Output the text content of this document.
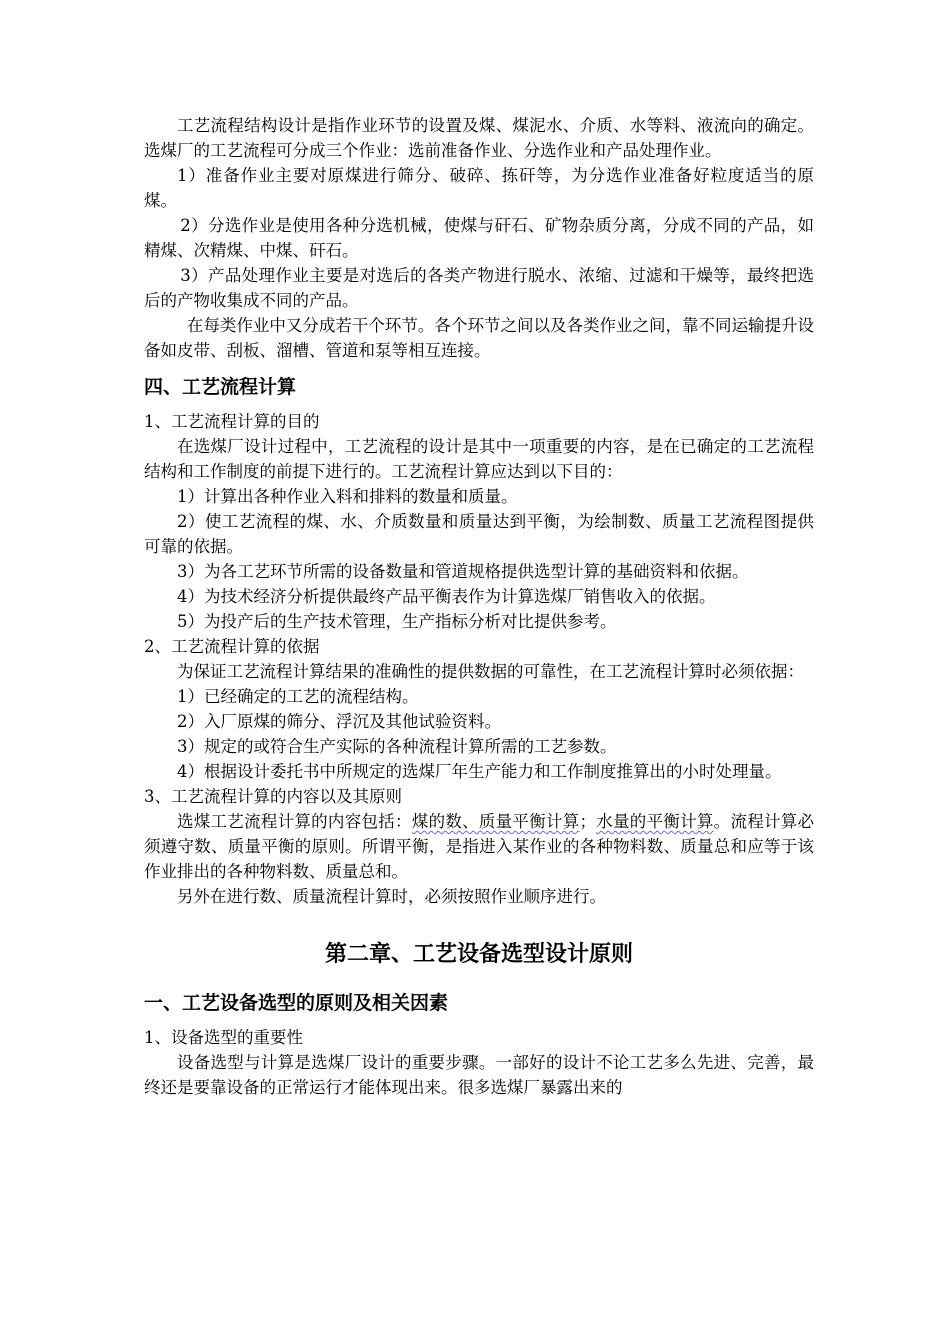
工艺流程结构设计是指作业环节的设置及煤、煤泥水、介质、水等料、液流向的确定。选煤厂的工艺流程可分成三个作业：选前准备作业、分选作业和产品处理作业。

1）准备作业主要对原煤进行筛分、破碎、拣矸等，为分选作业准备好粒度适当的原煤。

2）分选作业是使用各种分选机械，使煤与矸石、矿物杂质分离，分成不同的产品，如精煤、次精煤、中煤、矸石。

3）产品处理作业主要是对选后的各类产物进行脱水、浓缩、过滤和干燥等，最终把选后的产物收集成不同的产品。

在每类作业中又分成若干个环节。各个环节之间以及各类作业之间，靠不同运输提升设备如皮带、刮板、溜槽、管道和泵等相互连接。

四、工艺流程计算

1、工艺流程计算的目的

在选煤厂设计过程中，工艺流程的设计是其中一项重要的内容，是在已确定的工艺流程结构和工作制度的前提下进行的。工艺流程计算应达到以下目的：

1）计算出各种作业入料和排料的数量和质量。

2）使工艺流程的煤、水、介质数量和质量达到平衡，为绘制数、质量工艺流程图提供可靠的依据。

3）为各工艺环节所需的设备数量和管道规格提供选型计算的基础资料和依据。

4）为技术经济分析提供最终产品平衡表作为计算选煤厂销售收入的依据。

5）为投产后的生产技术管理，生产指标分析对比提供参考。

2、工艺流程计算的依据

为保证工艺流程计算结果的准确性的提供数据的可靠性，在工艺流程计算时必须依据：

1）已经确定的工艺的流程结构。

2）入厂原煤的筛分、浮沉及其他试验资料。

3）规定的或符合生产实际的各种流程计算所需的工艺参数。

4）根据设计委托书中所规定的选煤厂年生产能力和工作制度推算出的小时处理量。

3、工艺流程计算的内容以及其原则

选煤工艺流程计算的内容包括：煤的数、质量平衡计算；水量的平衡计算。流程计算必须遵守数、质量平衡的原则。所谓平衡，是指进入某作业的各种物料数、质量总和应等于该作业排出的各种物料数、质量总和。

另外在进行数、质量流程计算时，必须按照作业顺序进行。

第二章、工艺设备选型设计原则
一、工艺设备选型的原则及相关因素

1、设备选型的重要性

设备选型与计算是选煤厂设计的重要步骤。一部好的设计不论工艺多么先进、完善，最终还是要靠设备的正常运行才能体现出来。很多选煤厂暴露出来的
